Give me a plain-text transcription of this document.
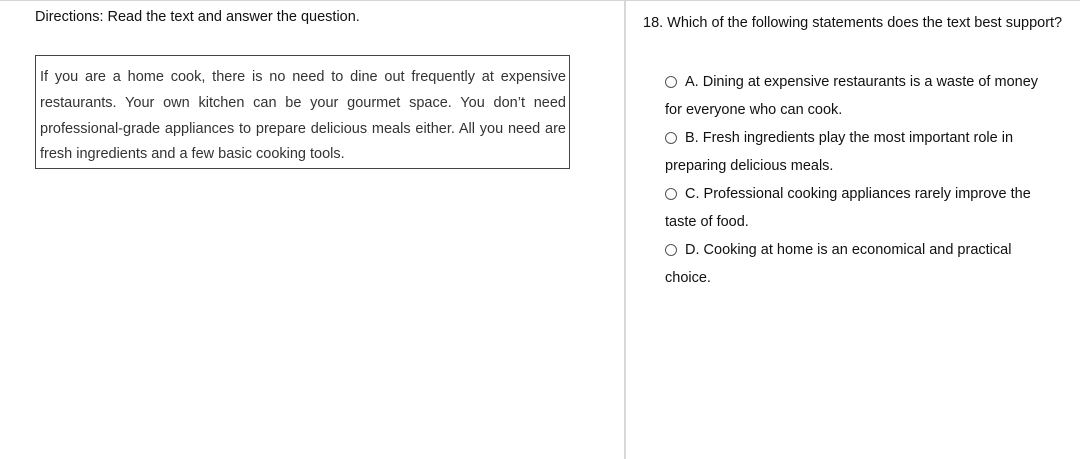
Directions: Read the text and answer the question.

If you are a home cook, there is no need to dine out frequently at expensive restaurants. Your own kitchen can be your gourmet space. You don’t need professional-grade appliances to prepare delicious meals either. All you need are fresh ingredients and a few basic cooking tools.

18. Which of the following statements does the text best support?

A. Dining at expensive restaurants is a waste of money
for everyone who can cook.
B. Fresh ingredients play the most important role in
preparing delicious meals.
C. Professional cooking appliances rarely improve the
taste of food.
D. Cooking at home is an economical and practical
choice.
